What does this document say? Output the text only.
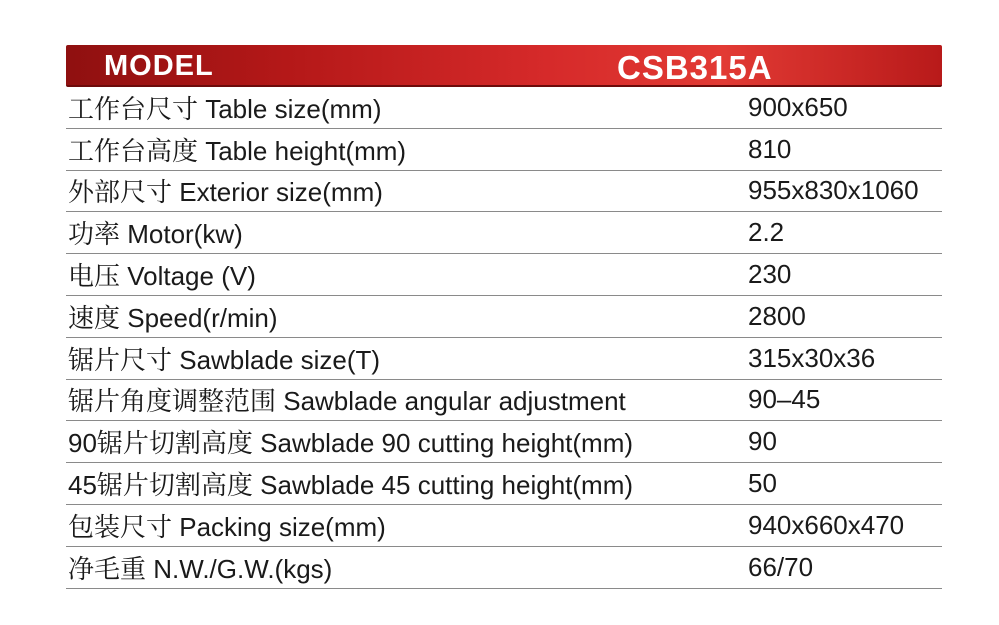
MODEL	CSB315A
工作台尺寸 Table size(mm)	900x650
工作台高度 Table height(mm)	810
外部尺寸 Exterior size(mm)	955x830x1060
功率 Motor(kw)	2.2
电压 Voltage (V)	230
速度 Speed(r/min)	2800
锯片尺寸 Sawblade size(T)	315x30x36
锯片角度调整范围 Sawblade angular adjustment	90–45
90锯片切割高度 Sawblade 90 cutting height(mm)	90
45锯片切割高度 Sawblade 45 cutting height(mm)	50
包装尺寸 Packing size(mm)	940x660x470
净毛重 N.W./G.W.(kgs)	66/70
